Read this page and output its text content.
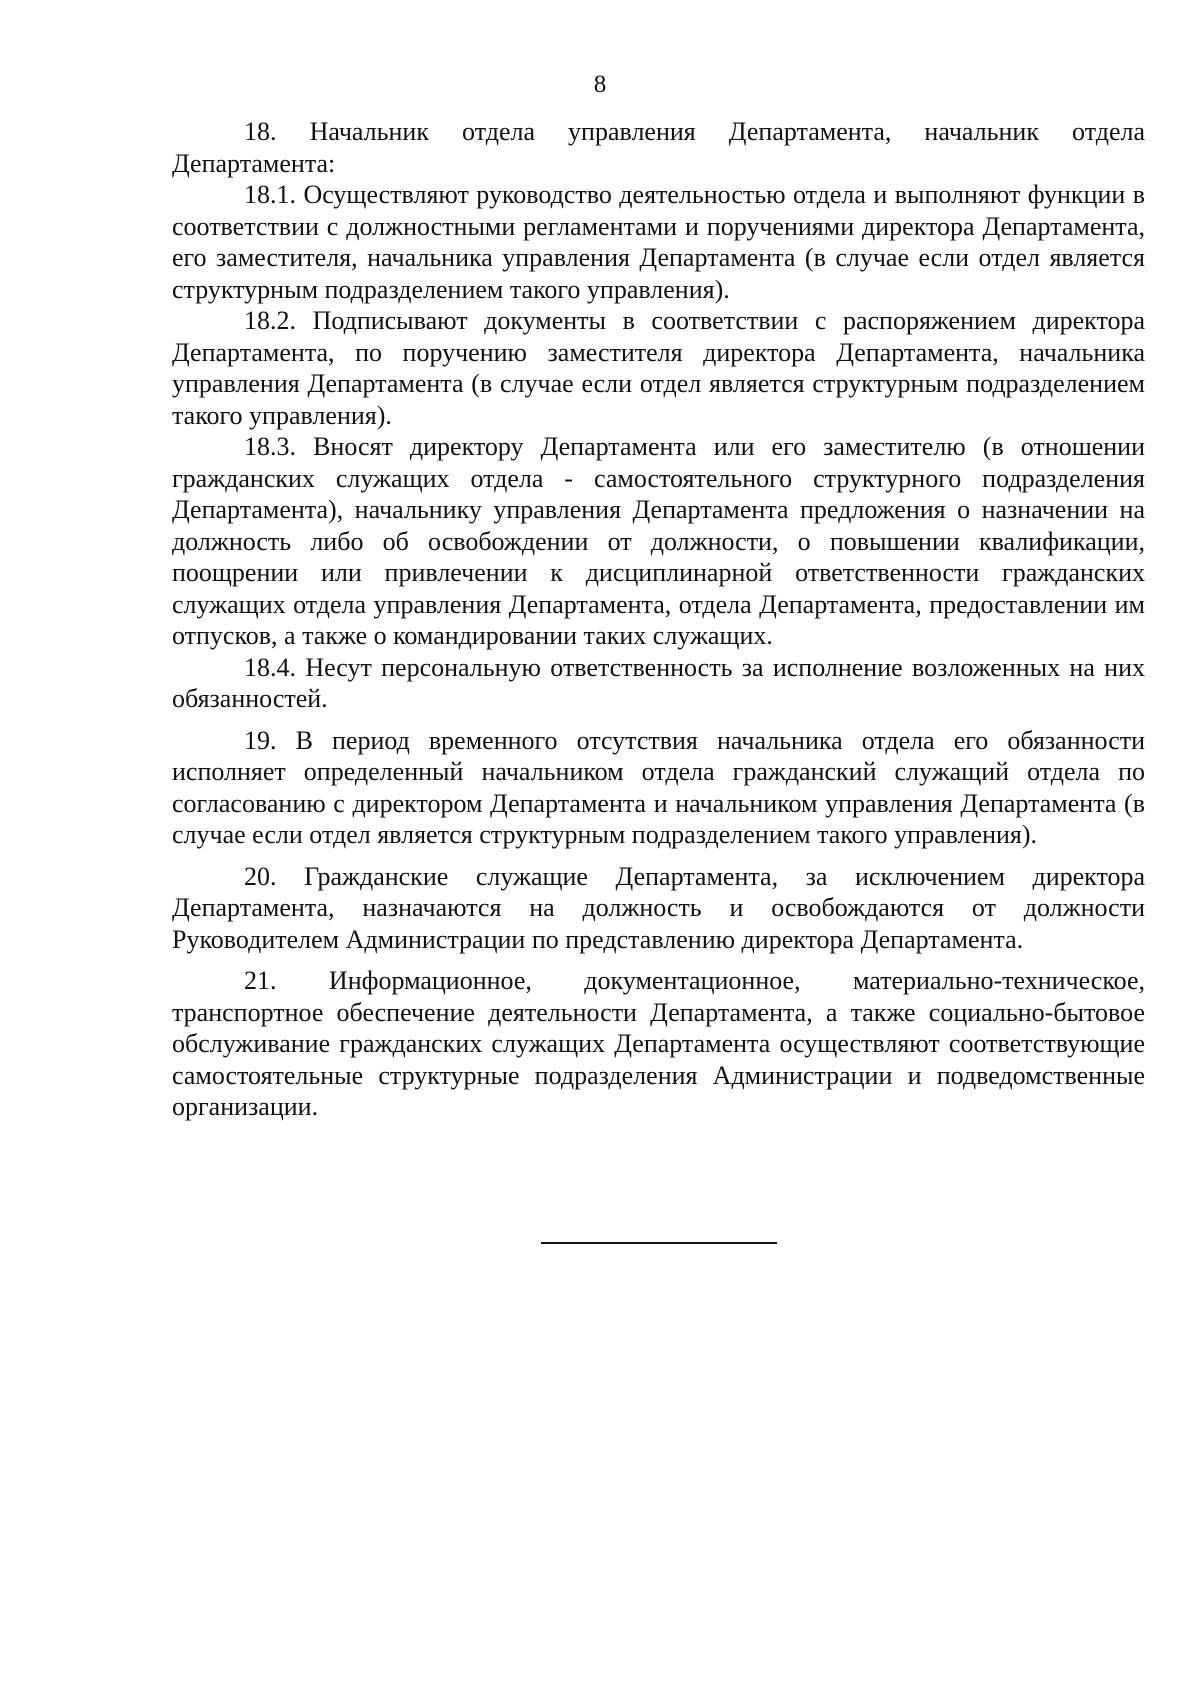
8

18. Начальник отдела управления Департамента, начальник отдела Департамента:

18.1. Осуществляют руководство деятельностью отдела и выполняют функции в соответствии с должностными регламентами и поручениями директора Департамента, его заместителя, начальника управления Департамента (в случае если отдел является структурным подразделением такого управления).

18.2. Подписывают документы в соответствии с распоряжением директора Департамента, по поручению заместителя директора Департамента, начальника управления Департамента (в случае если отдел является структурным подразделением такого управления).

18.3. Вносят директору Департамента или его заместителю (в отношении гражданских служащих отдела - самостоятельного структурного подразделения Департамента), начальнику управления Департамента предложения о назначении на должность либо об освобождении от должности, о повышении квалификации, поощрении или привлечении к дисциплинарной ответственности гражданских служащих отдела управления Департамента, отдела Департамента, предоставлении им отпусков, а также о командировании таких служащих.

18.4. Несут персональную ответственность за исполнение возложенных на них обязанностей.

19. В период временного отсутствия начальника отдела его обязанности исполняет определенный начальником отдела гражданский служащий отдела по согласованию с директором Департамента и начальником управления Департамента (в случае если отдел является структурным подразделением такого управления).

20. Гражданские служащие Департамента, за исключением директора Департамента, назначаются на должность и освобождаются от должности Руководителем Администрации по представлению директора Департамента.

21. Информационное, документационное, материально-техническое, транспортное обеспечение деятельности Департамента, а также социально-бытовое обслуживание гражданских служащих Департамента осуществляют соответствующие самостоятельные структурные подразделения Администрации и подведомственные организации.
